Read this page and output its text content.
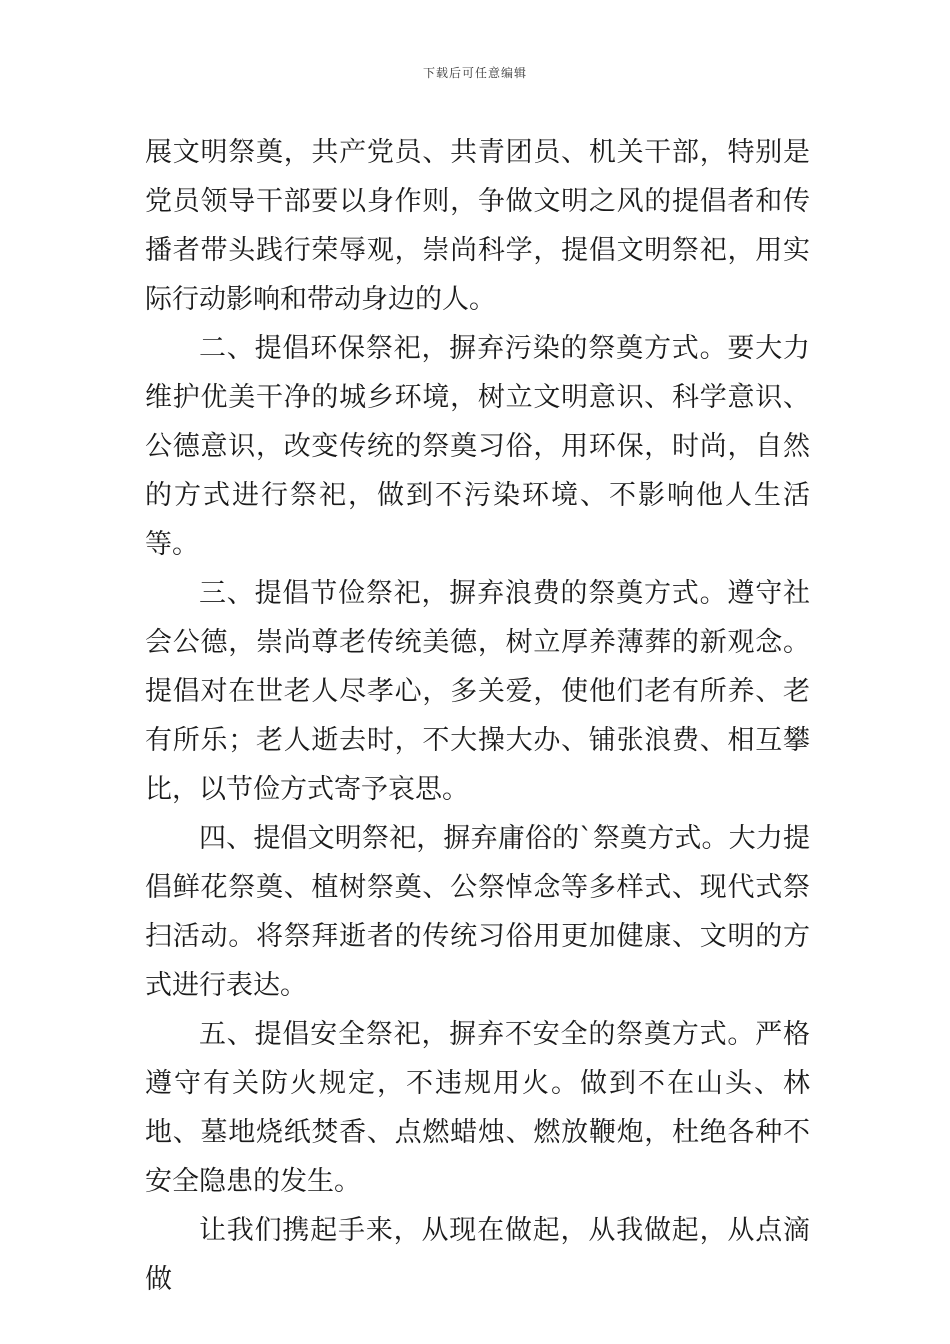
下载后可任意编辑

展文明祭奠，共产党员、共青团员、机关干部，特别是党员领导干部要以身作则，争做文明之风的提倡者和传播者带头践行荣辱观，崇尚科学，提倡文明祭祀，用实际行动影响和带动身边的人。

二、提倡环保祭祀，摒弃污染的祭奠方式。要大力维护优美干净的城乡环境，树立文明意识、科学意识、公德意识，改变传统的祭奠习俗，用环保，时尚，自然的方式进行祭祀，做到不污染环境、不影响他人生活等。

三、提倡节俭祭祀，摒弃浪费的祭奠方式。遵守社会公德，崇尚尊老传统美德，树立厚养薄葬的新观念。提倡对在世老人尽孝心，多关爱，使他们老有所养、老有所乐；老人逝去时，不大操大办、铺张浪费、相互攀比，以节俭方式寄予哀思。

四、提倡文明祭祀，摒弃庸俗的`祭奠方式。大力提倡鲜花祭奠、植树祭奠、公祭悼念等多样式、现代式祭扫活动。将祭拜逝者的传统习俗用更加健康、文明的方式进行表达。

五、提倡安全祭祀，摒弃不安全的祭奠方式。严格遵守有关防火规定，不违规用火。做到不在山头、林地、墓地烧纸焚香、点燃蜡烛、燃放鞭炮，杜绝各种不安全隐患的发生。

让我们携起手来，从现在做起，从我做起，从点滴做
